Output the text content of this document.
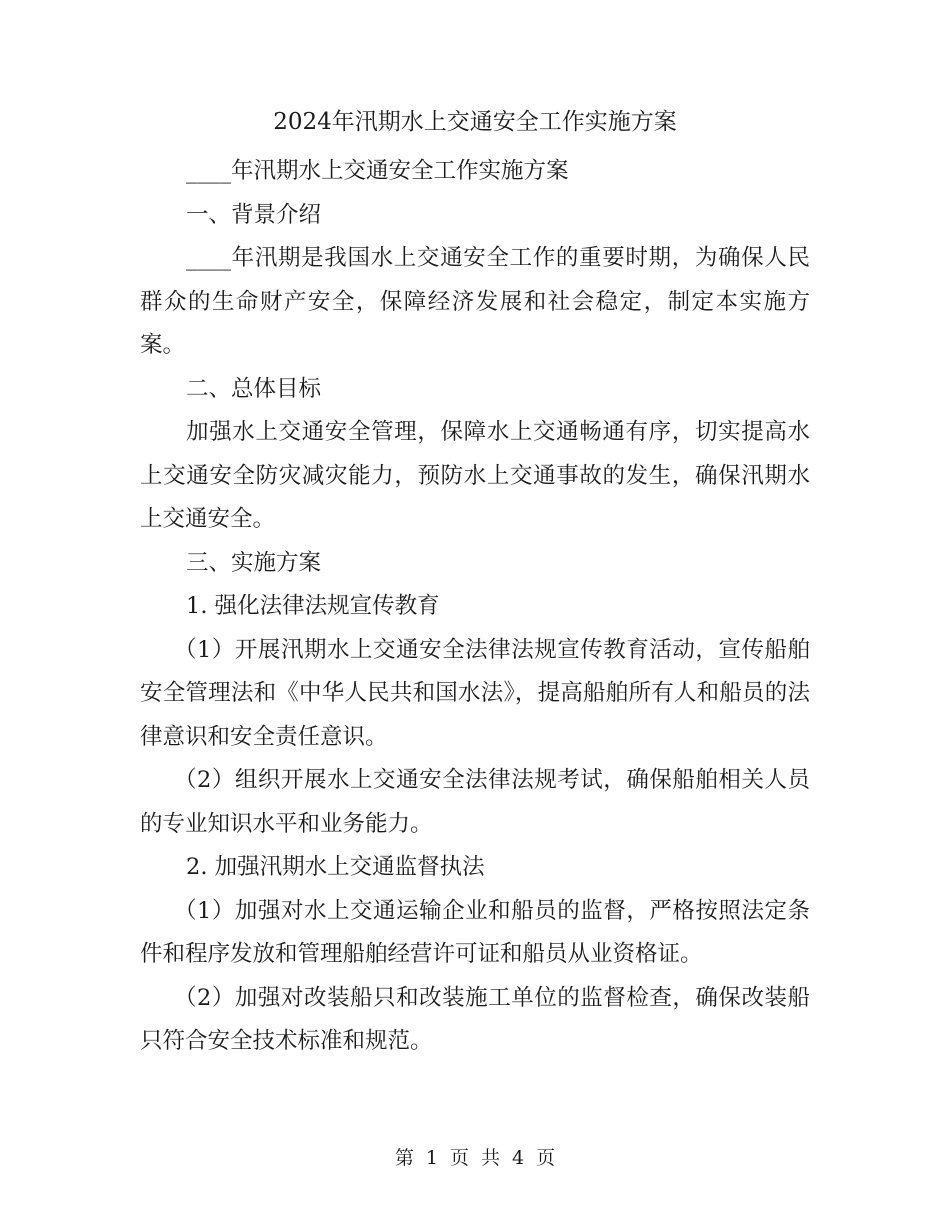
2024年汛期水上交通安全工作实施方案

____年汛期水上交通安全工作实施方案

一、背景介绍

____年汛期是我国水上交通安全工作的重要时期，为确保人民群众的生命财产安全，保障经济发展和社会稳定，制定本实施方案。

二、总体目标

加强水上交通安全管理，保障水上交通畅通有序，切实提高水上交通安全防灾减灾能力，预防水上交通事故的发生，确保汛期水上交通安全。

三、实施方案

1. 强化法律法规宣传教育

（1）开展汛期水上交通安全法律法规宣传教育活动，宣传船舶安全管理法和《中华人民共和国水法》，提高船舶所有人和船员的法律意识和安全责任意识。

（2）组织开展水上交通安全法律法规考试，确保船舶相关人员的专业知识水平和业务能力。

2. 加强汛期水上交通监督执法

（1）加强对水上交通运输企业和船员的监督，严格按照法定条件和程序发放和管理船舶经营许可证和船员从业资格证。

（2）加强对改装船只和改装施工单位的监督检查，确保改装船只符合安全技术标准和规范。

第 1 页 共 4 页
